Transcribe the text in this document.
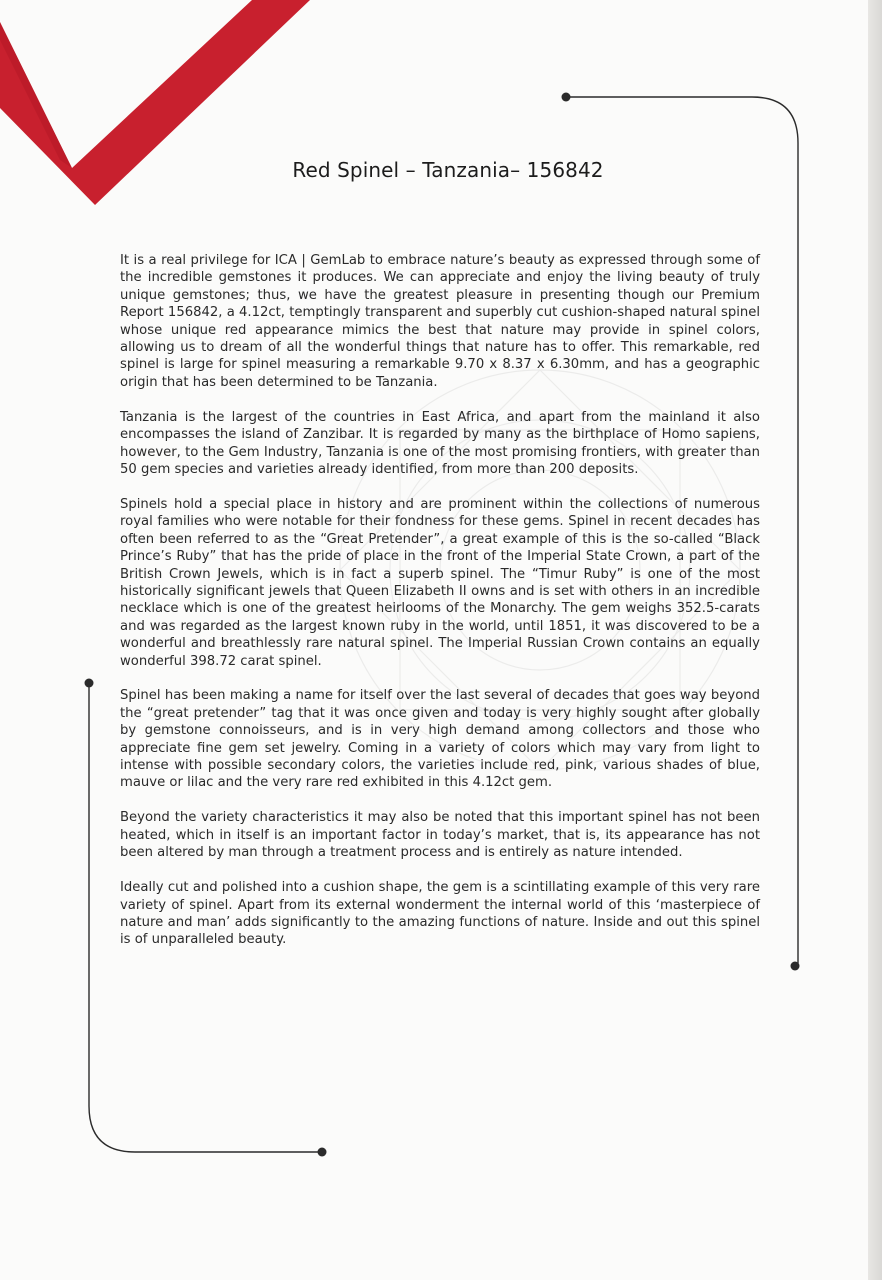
Red Spinel – Tanzania– 156842

It is a real privilege for ICA | GemLab to embrace nature’s beauty as expressed through some of the incredible gemstones it produces. We can appreciate and enjoy the living beauty of truly unique gemstones; thus, we have the greatest pleasure in presenting though our Premium Report 156842, a 4.12ct, temptingly transparent and superbly cut cushion-shaped natural spinel whose unique red appearance mimics the best that nature may provide in spinel colors, allowing us to dream of all the wonderful things that nature has to offer. This remarkable, red spinel is large for spinel measuring a remarkable 9.70 x 8.37 x 6.30mm, and has a geographic origin that has been determined to be Tanzania.

Tanzania is the largest of the countries in East Africa, and apart from the mainland it also encompasses the island of Zanzibar. It is regarded by many as the birthplace of Homo sapiens, however, to the Gem Industry, Tanzania is one of the most promising frontiers, with greater than 50 gem species and varieties already identified, from more than 200 deposits.

Spinels hold a special place in history and are prominent within the collections of numerous royal families who were notable for their fondness for these gems. Spinel in recent decades has often been referred to as the “Great Pretender”, a great example of this is the so-called “Black Prince’s Ruby” that has the pride of place in the front of the Imperial State Crown, a part of the British Crown Jewels, which is in fact a superb spinel. The “Timur Ruby” is one of the most historically significant jewels that Queen Elizabeth II owns and is set with others in an incredible necklace which is one of the greatest heirlooms of the Monarchy. The gem weighs 352.5-carats and was regarded as the largest known ruby in the world, until 1851, it was discovered to be a wonderful and breathlessly rare natural spinel. The Imperial Russian Crown contains an equally wonderful 398.72 carat spinel.

Spinel has been making a name for itself over the last several of decades that goes way beyond the “great pretender” tag that it was once given and today is very highly sought after globally by gemstone connoisseurs, and is in very high demand among collectors and those who appreciate fine gem set jewelry. Coming in a variety of colors which may vary from light to intense with possible secondary colors, the varieties include red, pink, various shades of blue, mauve or lilac and the very rare red exhibited in this 4.12ct gem.

Beyond the variety characteristics it may also be noted that this important spinel has not been heated, which in itself is an important factor in today’s market, that is, its appearance has not been altered by man through a treatment process and is entirely as nature intended.

Ideally cut and polished into a cushion shape, the gem is a scintillating example of this very rare variety of spinel. Apart from its external wonderment the internal world of this ‘masterpiece of nature and man’ adds significantly to the amazing functions of nature. Inside and out this spinel is of unparalleled beauty.
